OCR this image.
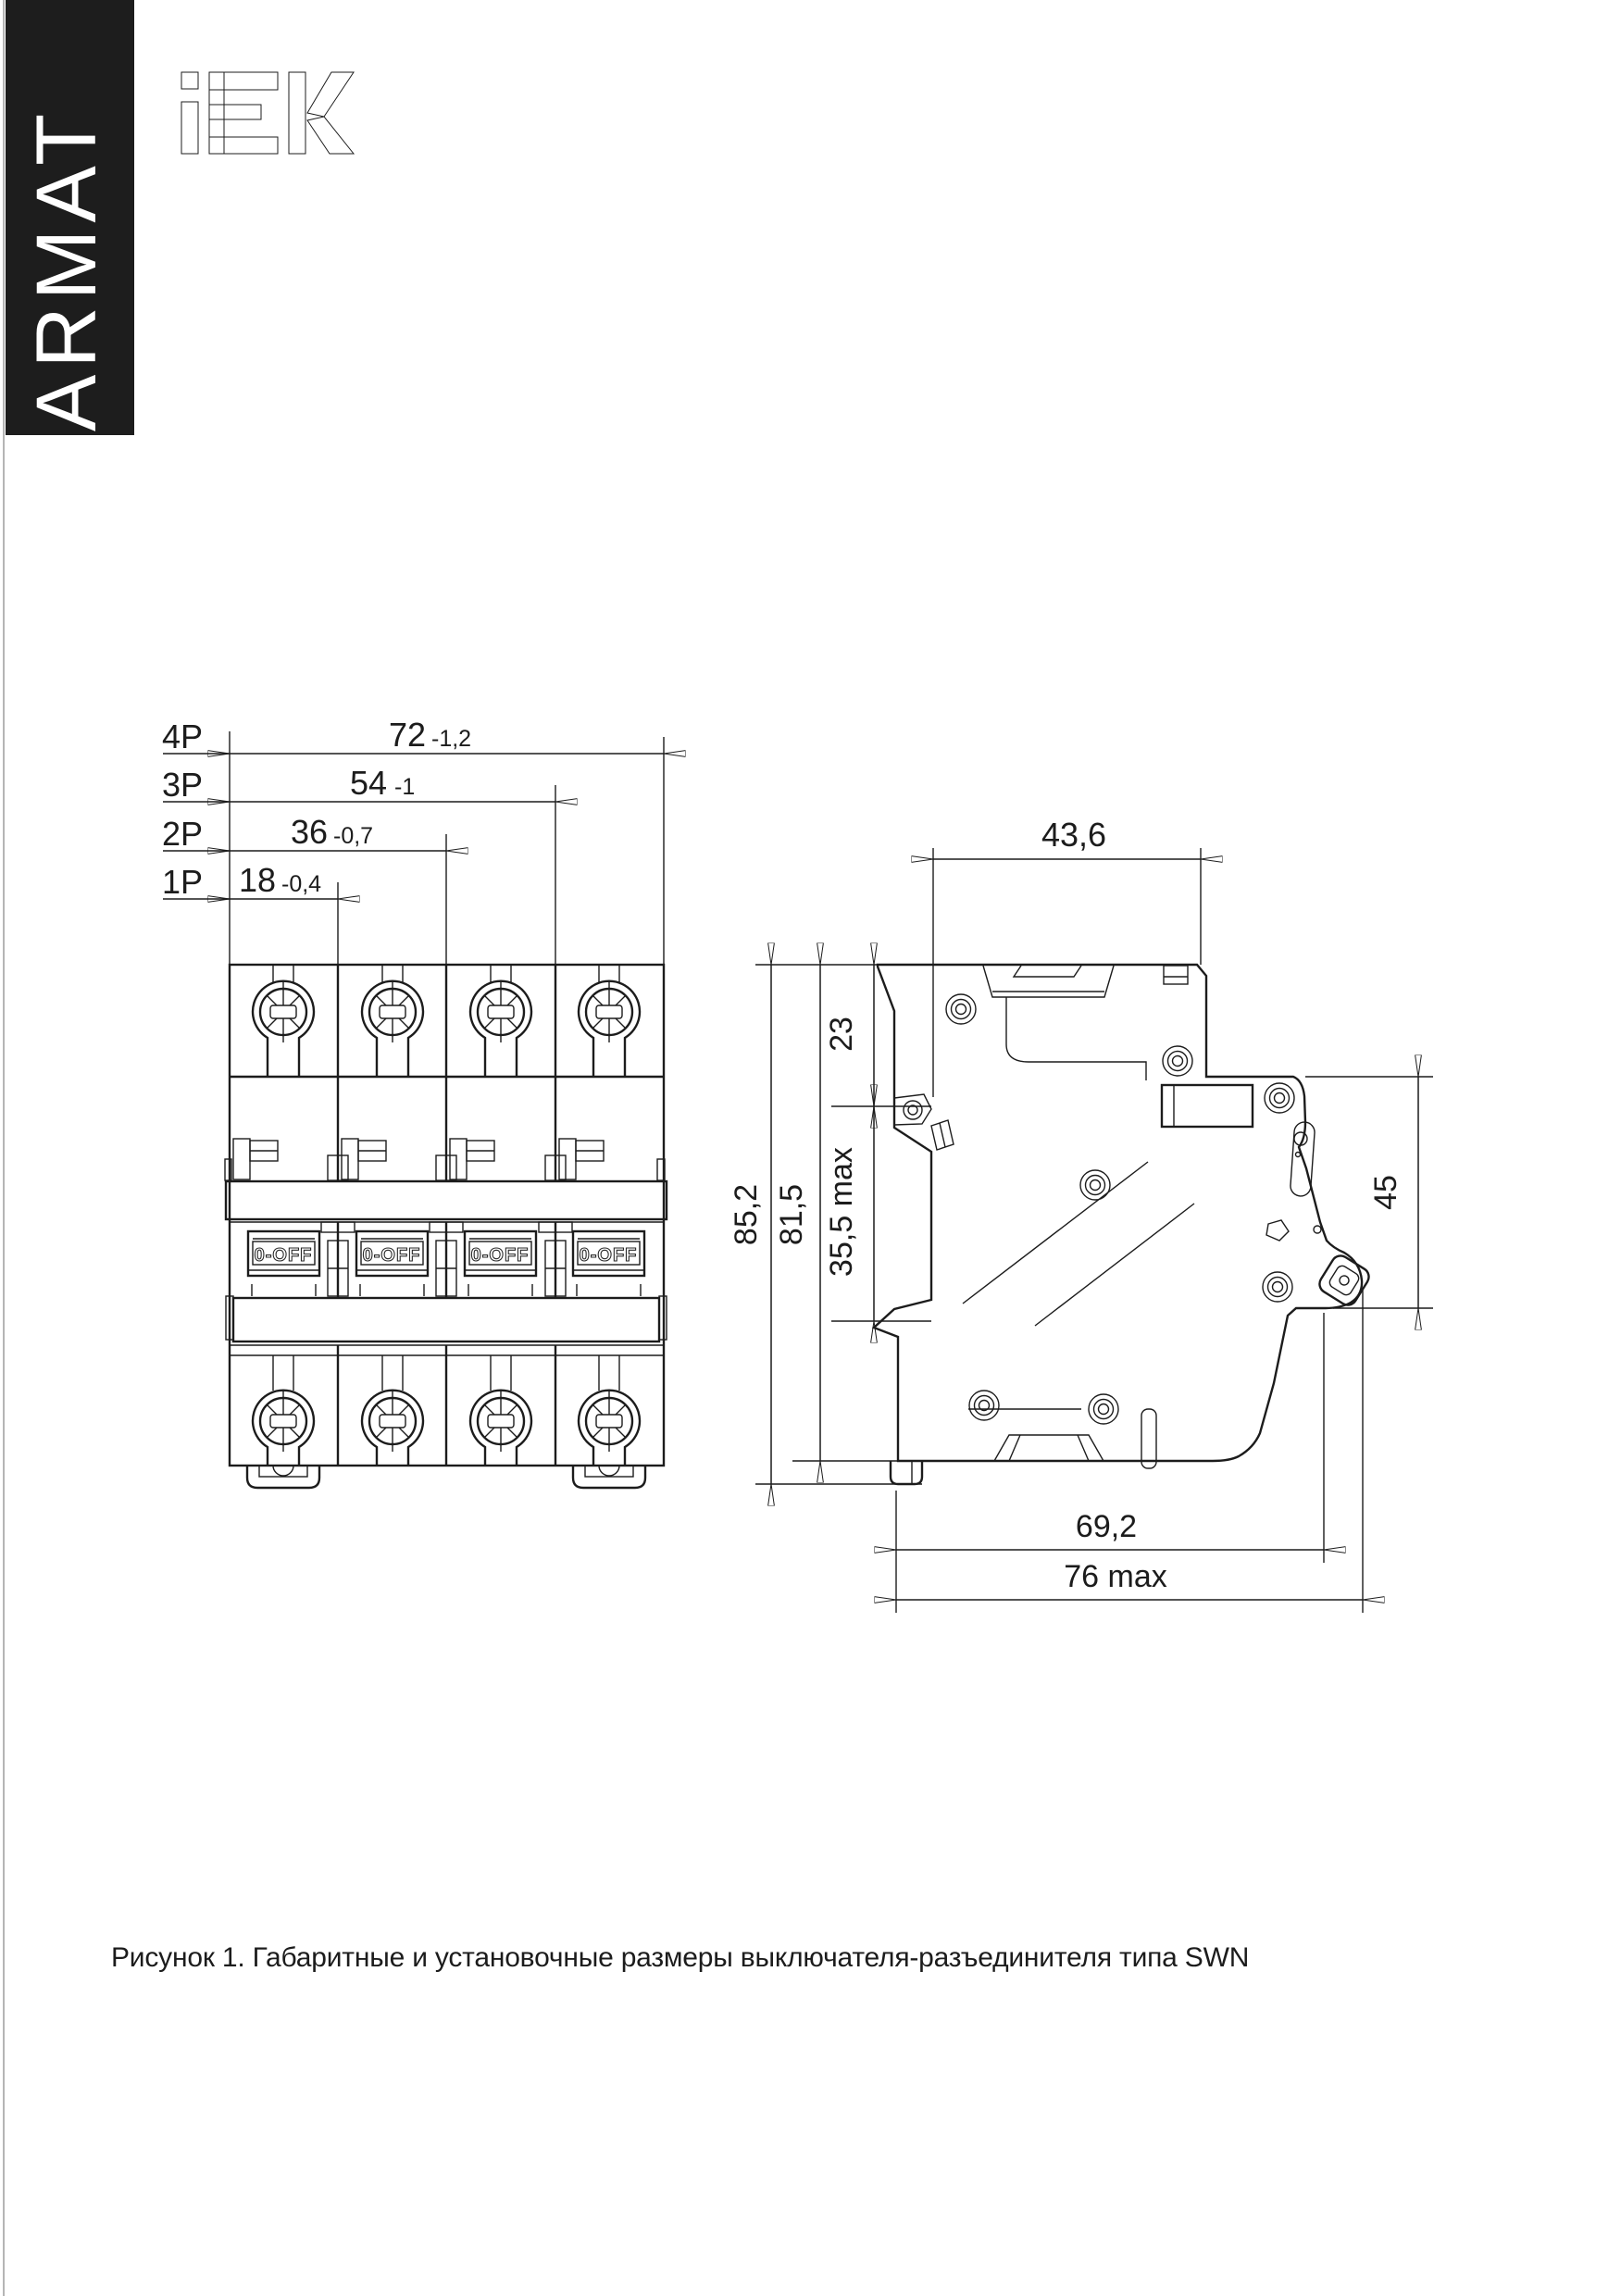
ARMAT
4P	72 -1,2
3P	54 -1
2P	36 -0,7
1P 18 -0,4
0-OFF	0-OFF	0-OFF	0-OFF
43,6
23
35,5 max
85,2 81,5	45
69,2
76 max
Рисунок 1. Габаритные и установочные размеры выключателя-разъединителя типа SWN
